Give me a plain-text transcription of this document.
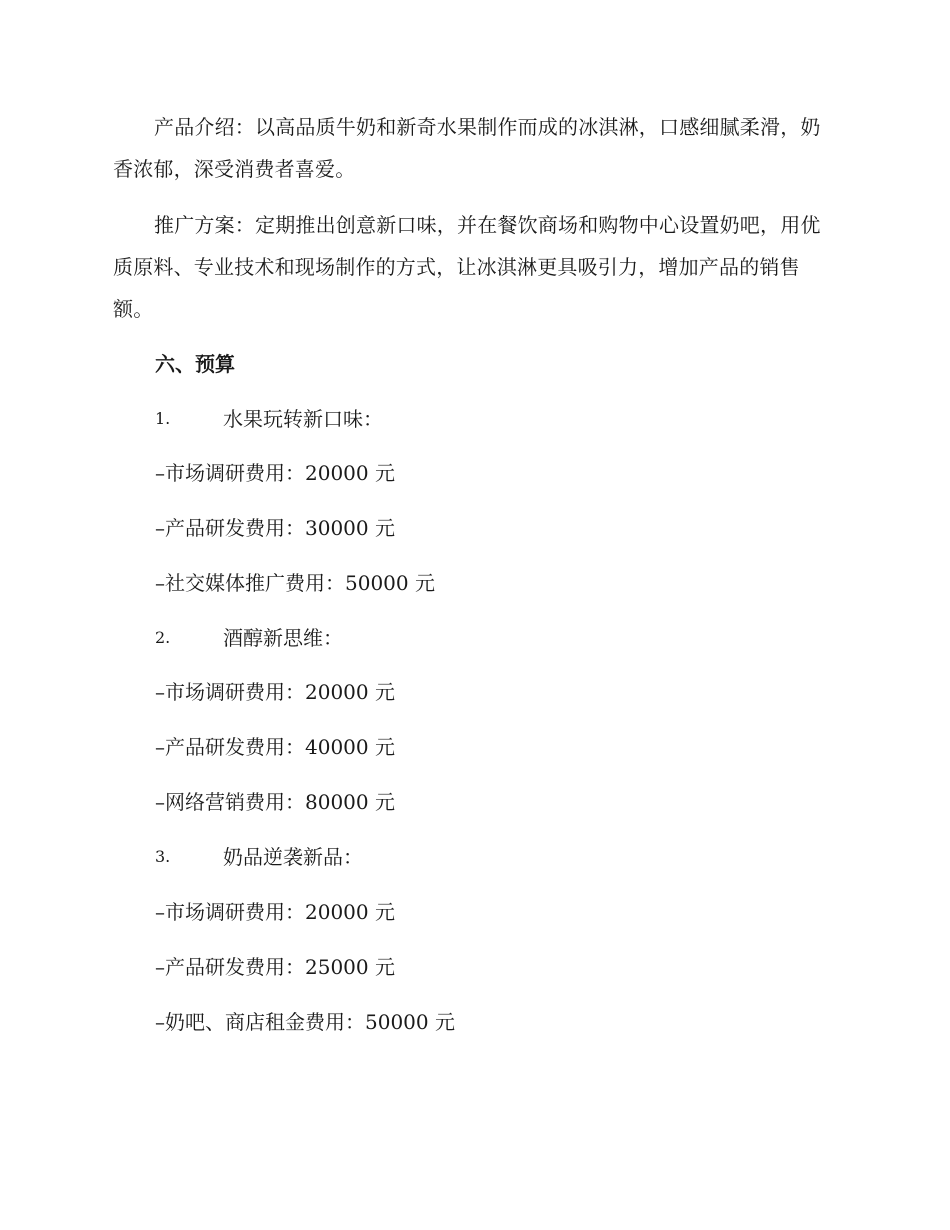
产品介绍：以高品质牛奶和新奇水果制作而成的冰淇淋，口感细腻柔滑，奶香浓郁，深受消费者喜爱。

推广方案：定期推出创意新口味，并在餐饮商场和购物中心设置奶吧，用优质原料、专业技术和现场制作的方式，让冰淇淋更具吸引力，增加产品的销售额。

六、预算
1.	水果玩转新口味：
–市场调研费用：20000 元
–产品研发费用：30000 元
–社交媒体推广费用：50000 元
2.	酒醇新思维：
–市场调研费用：20000 元
–产品研发费用：40000 元
–网络营销费用：80000 元
3.	奶品逆袭新品：
–市场调研费用：20000 元
–产品研发费用：25000 元
–奶吧、商店租金费用：50000 元
